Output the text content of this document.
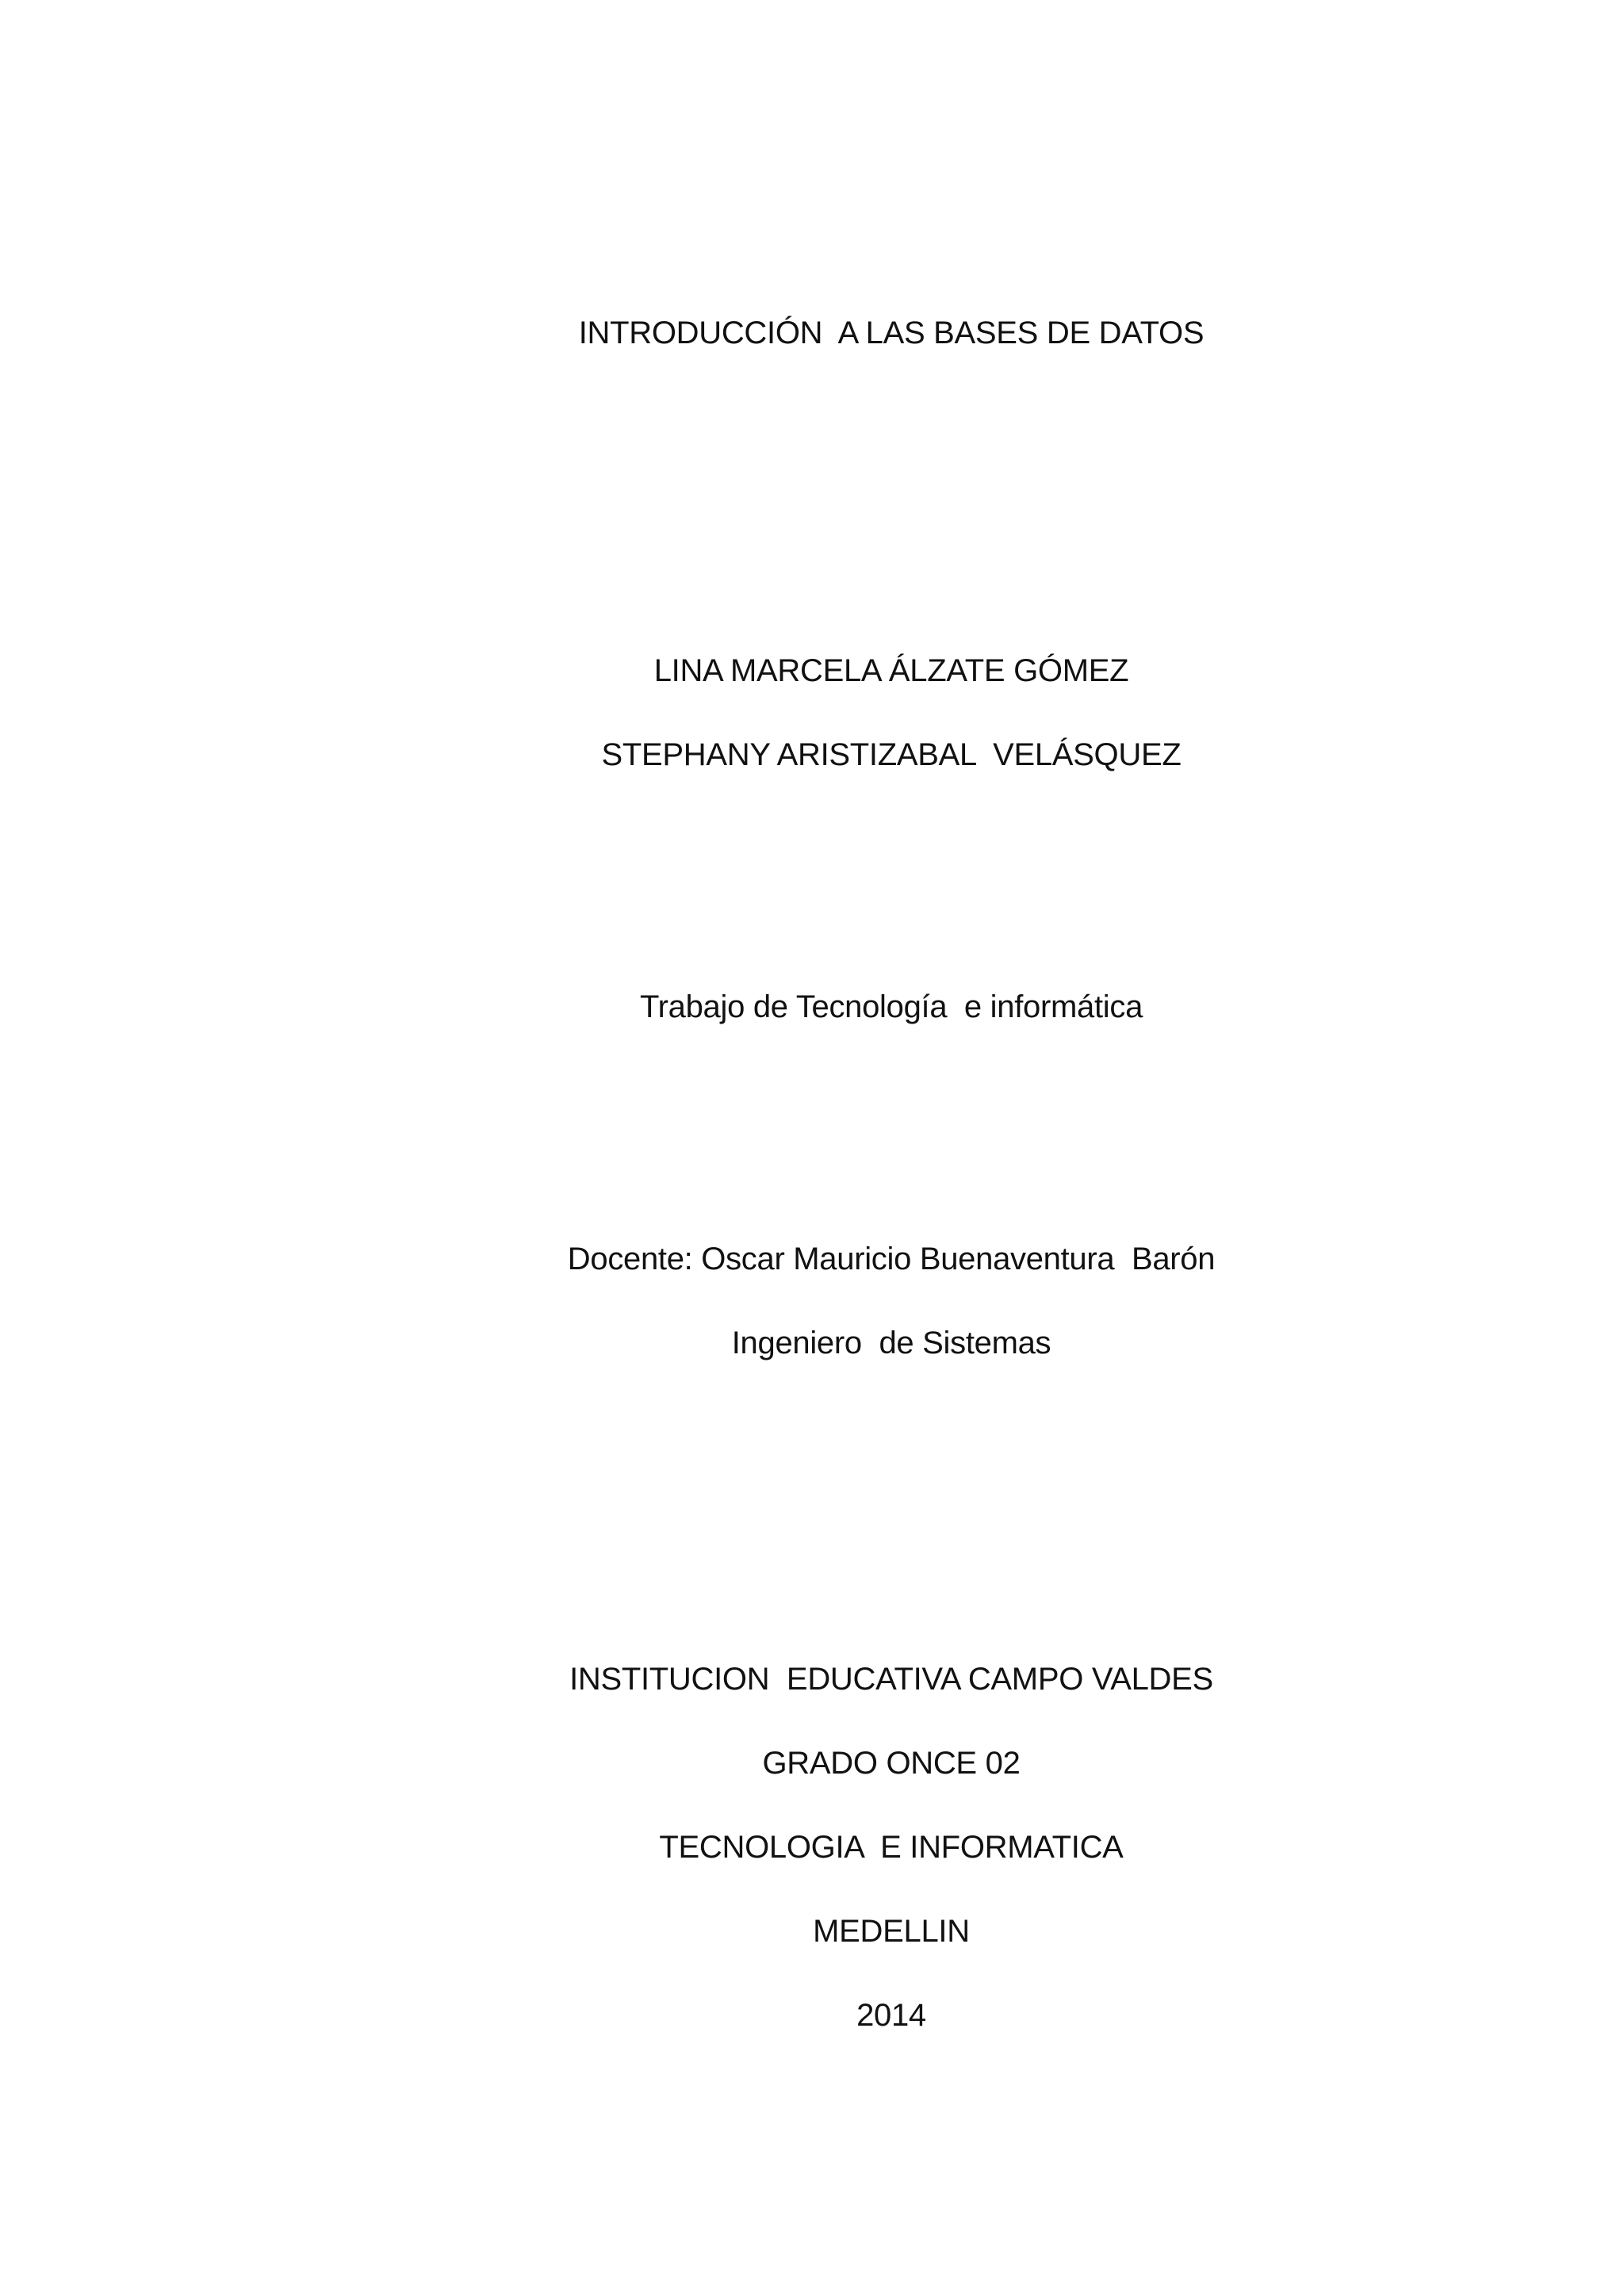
INTRODUCCIÓN  A LAS BASES DE DATOS
LINA MARCELA ÁLZATE GÓMEZ
STEPHANY ARISTIZABAL  VELÁSQUEZ
Trabajo de Tecnología  e informática
Docente: Oscar Mauricio Buenaventura  Barón
Ingeniero  de Sistemas
INSTITUCION  EDUCATIVA CAMPO VALDES
GRADO ONCE 02
TECNOLOGIA  E INFORMATICA
MEDELLIN
2014
